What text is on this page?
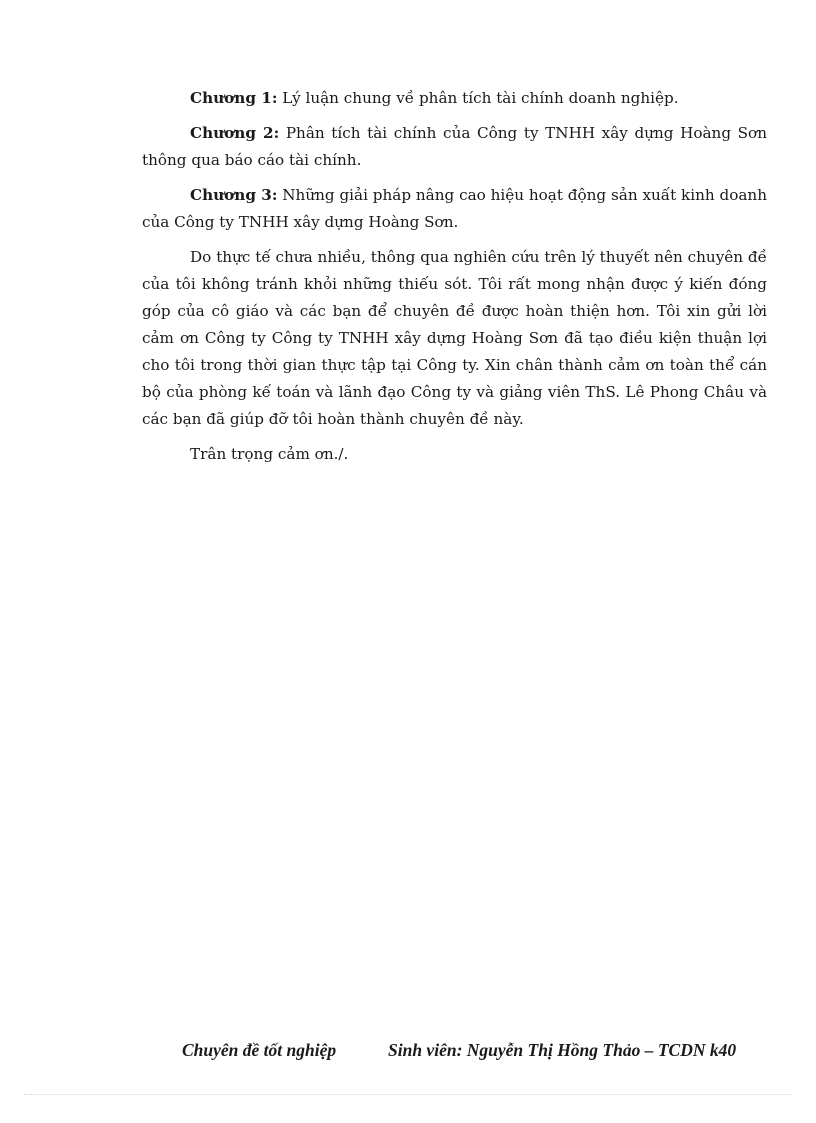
Chương 1: Lý luận chung về phân tích tài chính doanh nghiệp.

Chương 2: Phân tích tài chính của Công ty TNHH xây dựng Hoàng Sơn thông qua báo cáo tài chính.

Chương 3: Những giải pháp nâng cao hiệu hoạt động sản xuất kinh doanh của Công ty TNHH xây dựng Hoàng Sơn.

Do thực tế chưa nhiều, thông qua nghiên cứu trên lý thuyết nên chuyên đề của tôi không tránh khỏi những thiếu sót. Tôi rất mong nhận được ý kiến đóng góp của cô giáo và các bạn để chuyên đề được hoàn thiện hơn. Tôi xin gửi lời cảm ơn Công ty Công ty TNHH xây dựng Hoàng Sơn đã tạo điều kiện thuận lợi cho tôi trong thời gian thực tập tại Công ty. Xin chân thành cảm ơn toàn thể cán bộ của phòng kế toán và lãnh đạo Công ty và giảng viên ThS. Lê Phong Châu và các bạn đã giúp đỡ tôi hoàn thành chuyên đề này.

Trân trọng cảm ơn./.

Chuyên đề tốt nghiệp	Sinh viên: Nguyễn Thị Hồng Thảo – TCDN k40
